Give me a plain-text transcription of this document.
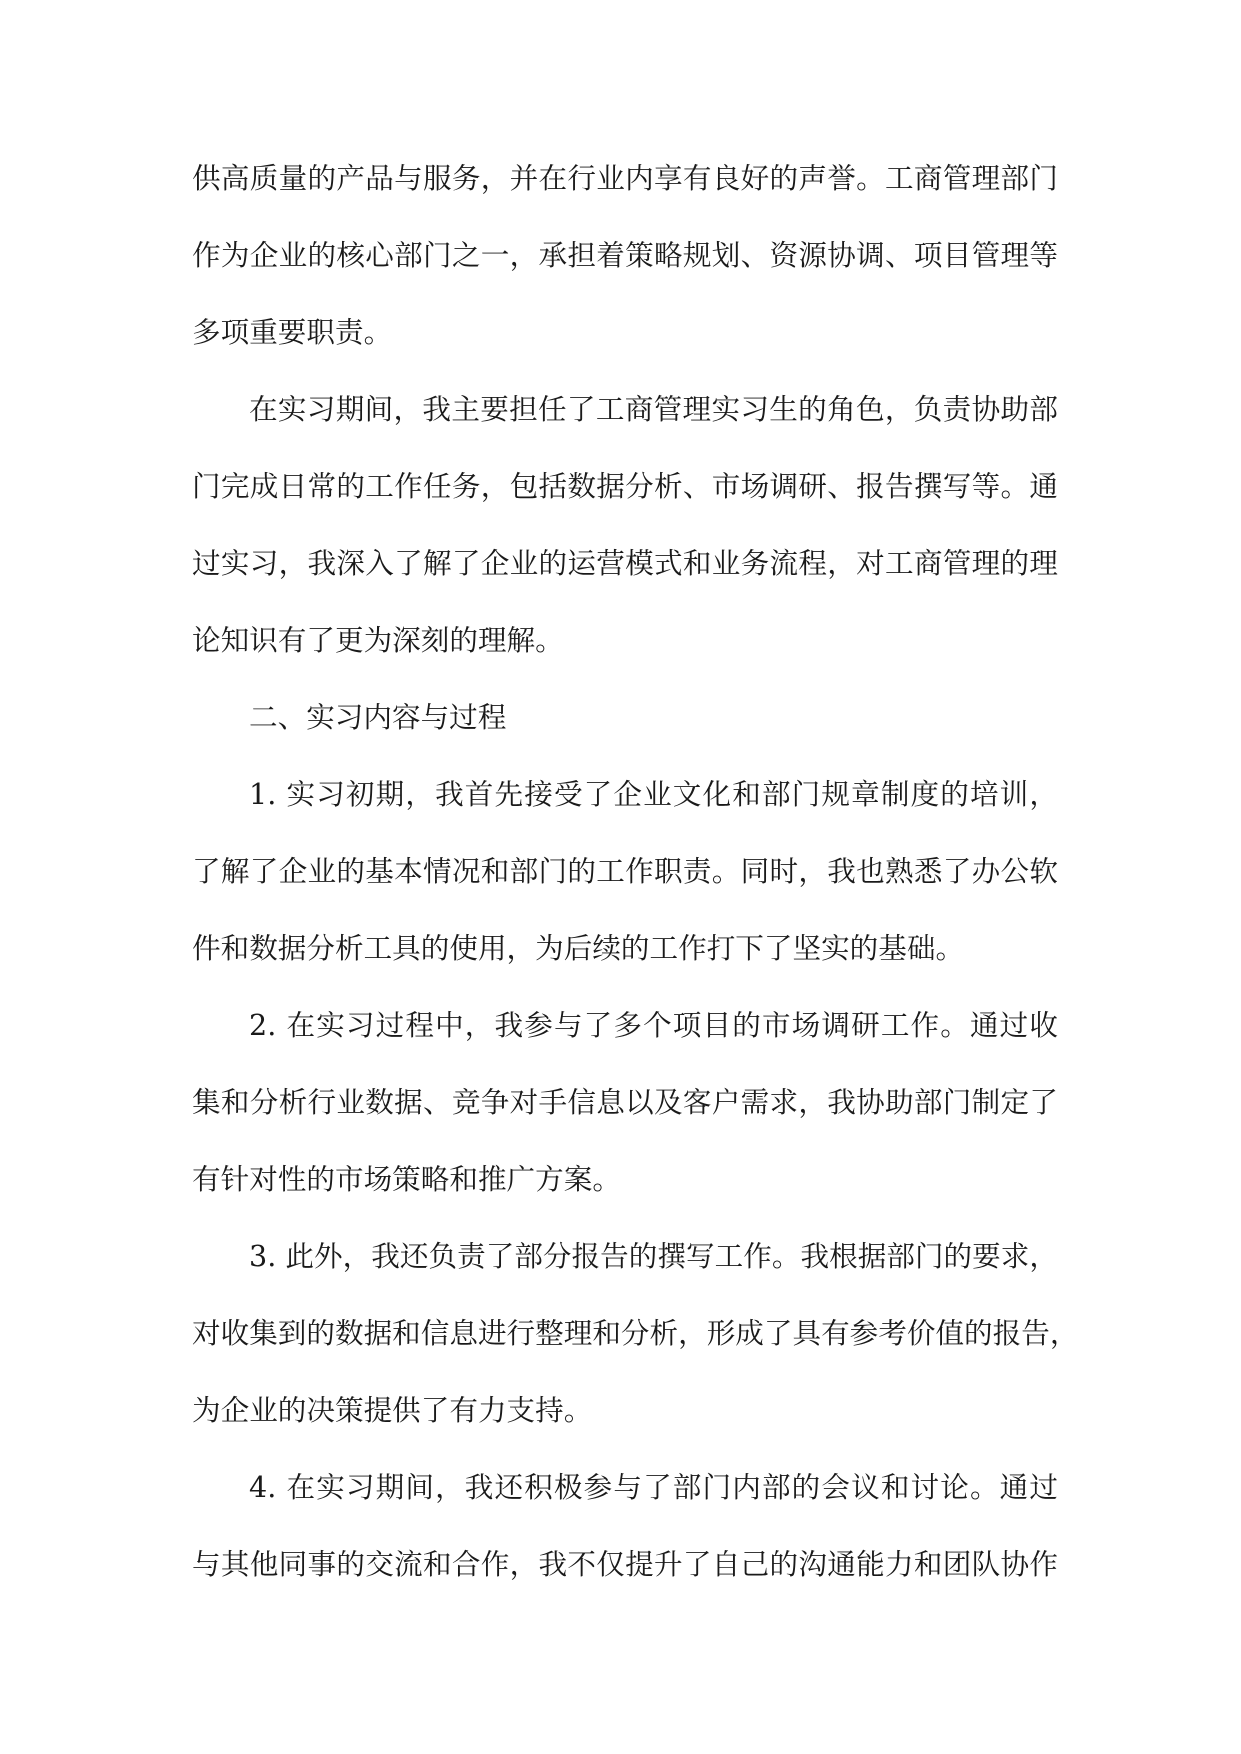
供高质量的产品与服务，并在行业内享有良好的声誉。工商管理部门
作为企业的核心部门之一，承担着策略规划、资源协调、项目管理等
多项重要职责。
在实习期间，我主要担任了工商管理实习生的角色，负责协助部
门完成日常的工作任务，包括数据分析、市场调研、报告撰写等。通
过实习，我深入了解了企业的运营模式和业务流程，对工商管理的理
论知识有了更为深刻的理解。
二、实习内容与过程
1. 实习初期，我首先接受了企业文化和部门规章制度的培训，
了解了企业的基本情况和部门的工作职责。同时，我也熟悉了办公软
件和数据分析工具的使用，为后续的工作打下了坚实的基础。
2. 在实习过程中，我参与了多个项目的市场调研工作。通过收
集和分析行业数据、竞争对手信息以及客户需求，我协助部门制定了
有针对性的市场策略和推广方案。
3. 此外，我还负责了部分报告的撰写工作。我根据部门的要求，
对收集到的数据和信息进行整理和分析，形成了具有参考价值的报告，
为企业的决策提供了有力支持。
4. 在实习期间，我还积极参与了部门内部的会议和讨论。通过
与其他同事的交流和合作，我不仅提升了自己的沟通能力和团队协作
